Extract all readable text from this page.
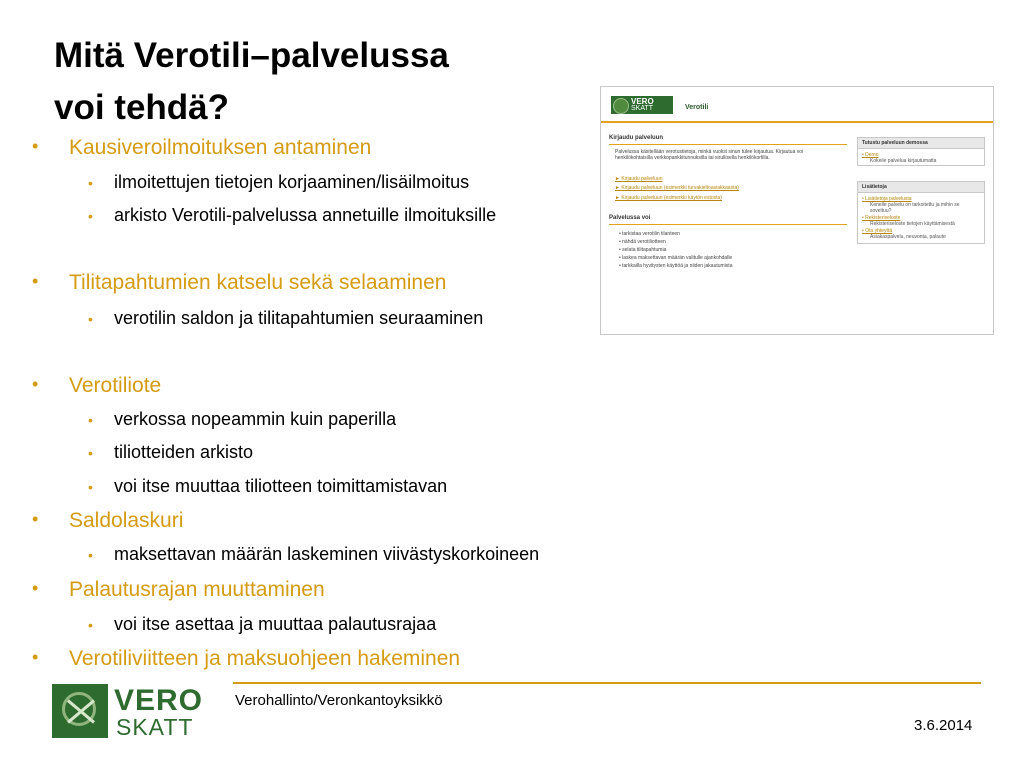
Mitä Verotili–palvelussa
voi tehdä?
• Kausiveroilmoituksen antaminen
• ilmoitettujen tietojen korjaaminen/lisäilmoitus
• arkisto Verotili-palvelussa annetuille ilmoituksille
• Tilitapahtumien katselu sekä selaaminen
• verotilin saldon ja tilitapahtumien seuraaminen
• Verotiliote
• verkossa nopeammin kuin paperilla
• tiliotteiden arkisto
• voi itse muuttaa tiliotteen toimittamistavan
• Saldolaskuri
• maksettavan määrän laskeminen viivästyskorkoineen
• Palautusrajan muuttaminen
• voi itse asettaa ja muuttaa palautusrajaa
• Verotiliviitteen ja maksuohjeen hakeminen
VERO
SKATT	Verotili
Kirjaudu palveluun
Palvelussa käsitellään verotustietoja, minkä vuoksi sinun tulee kirjautua. Kirjautua voi henkilökohtaisilla verkkopankkitunnuksilla tai sirullisella henkilökortilla.
► Kirjaudu palveluun
► Kirjaudu palveluun (esimerkki turvakieltoasiakkaasta)
► Kirjaudu palveluun (esimerkki käytön estosta)
Palvelussa voi
• tarkistaa verotilin tilanteen
• nähdä verotiliotteen
• selata tilitapahtumia
• laskea maksettavan määrän valitulle ajankohdalle
• tarkkailla hyvitysten käyttöä ja niiden jakautumista
Tutustu palveluun demossa
• Demo
Kokeile palvelua kirjautumatta
Lisätietoja
• Lisätietoja palvelusta
Kenelle palvelu on tarkoitettu ja mihin se soveltuu?
• Rekisteriseloste
Rekisteriseloste tietojen käyttämisestä
• Ota yhteyttä
Asiakaspalvelu, neuvonta, palaute
VERO
SKATT
Verohallinto/Veronkantoyksikkö
3.6.2014
